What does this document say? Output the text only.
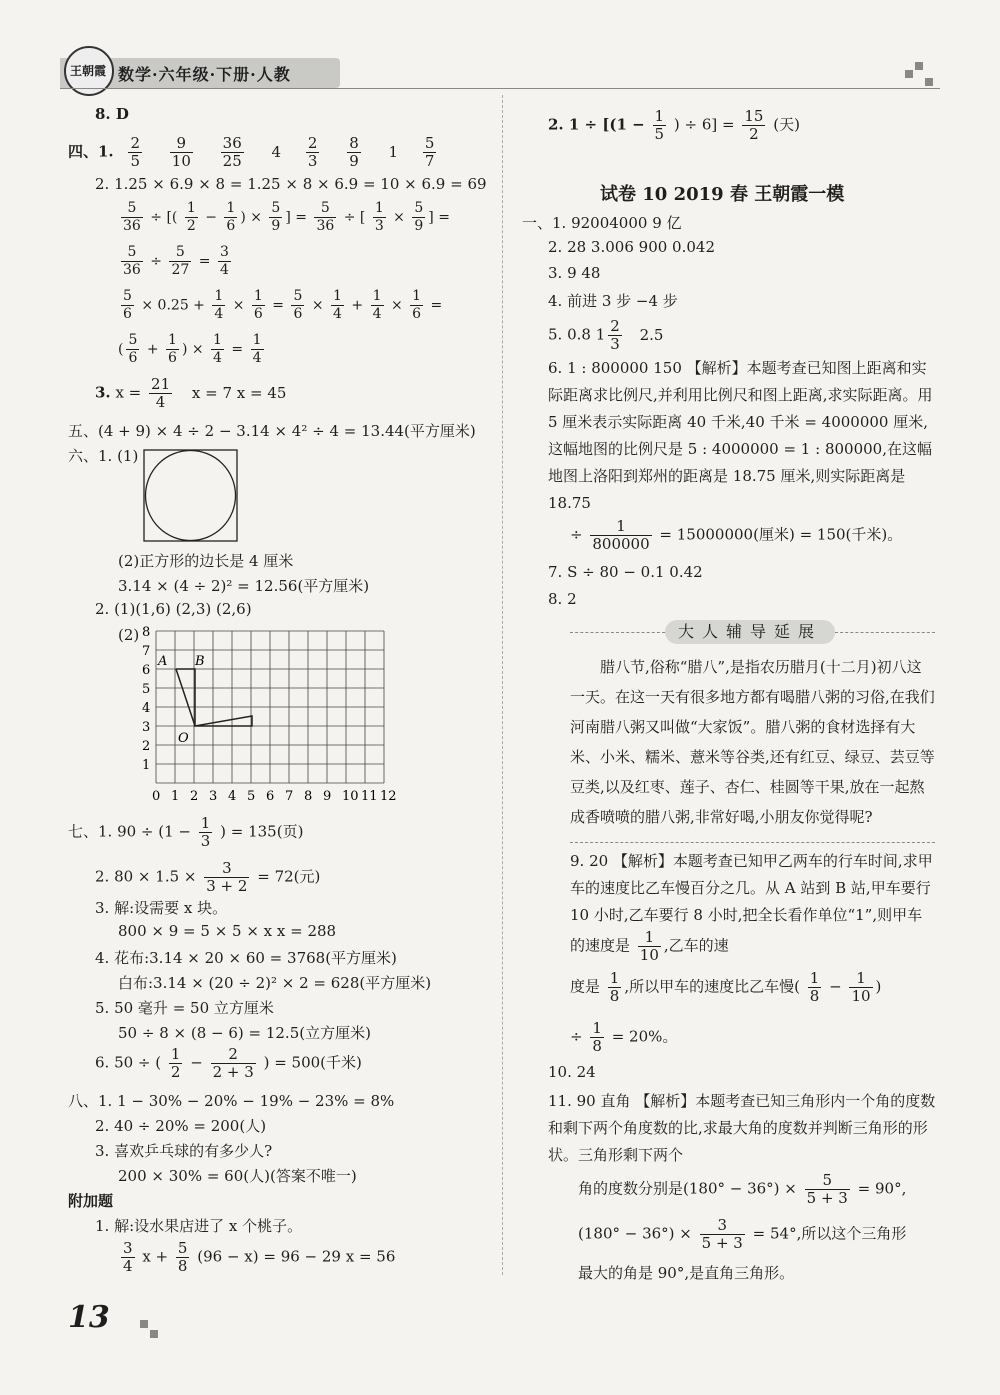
王朝霞 数学·六年级·下册·人教
8. D
四、1. $\frac{2}{5}$
$\frac{9}{10}$
$\frac{36}{25} 4 \frac{2}{3}$
$\frac{8}{9} 1 \frac{5}{7}$
2. 1.25 × 6.9 × 8 = 1.25 × 8 × 6.9 = 10 × 6.9 = 69
$\frac{5}{36}$ ÷ [( $\frac{1}{2} - \frac{1}{6}$ ) × $\frac{5}{9}$ ] = $\frac{5}{36}$ ÷ [ $\frac{1}{3} \times \frac{5}{9}$ ] =
$\frac{5}{36} \div \frac{5}{27} = \frac{3}{4}$
$\frac{5}{6} \times 0.25 + \frac{1}{4} \times \frac{1}{6} = \frac{5}{6} \times \frac{1}{4} + \frac{1}{4} \times \frac{1}{6}$ =
( $\frac{5}{6} + \frac{1}{6}$ ) × $\frac{1}{4} = \frac{1}{4}$
3. $x = \frac{21}{4}$ x = 7 x = 45
五、(4 + 9) × 4 ÷ 2 − 3.14 × 4² ÷ 4 = 13.44(平方厘米)
六、1. (1)
(2)正方形的边长是 4 厘米
3.14 × (4 ÷ 2)² = 12.56(平方厘米)
2. (1)(1,6) (2,3) (2,6)
(2)
A B
O
0 1 2 3 4 5 6 7 8 9 10 11 12
1
2
3
4
5
6
7
8
七、1. $90 \div (1 - \frac{1}{3}$ ) = 135(页)
2. $80 \times 1.5 \times \frac{3}{3 + 2} = 72$(元)
3. 解:设需要 x 块。
800 × 9 = 5 × 5 × x x = 288
4. 花布:3.14 × 20 × 60 = 3768(平方厘米)
白布:3.14 × (20 ÷ 2)² × 2 = 628(平方厘米)
5. 50 毫升 = 50 立方厘米
50 ÷ 8 × (8 − 6) = 12.5(立方厘米)
6. 50 ÷ ( $\frac{1}{2} - \frac{2}{2 + 3}$ ) = 500(千米)
八、1. 1 − 30% − 20% − 19% − 23% = 8%
2. 40 ÷ 20% = 200(人)
3. 喜欢乒乓球的有多少人?
200 × 30% = 60(人)(答案不唯一)
附加题
1. 解:设水果店进了 x 个桃子。
$\frac{3}{4}$ $x + \frac{5}{8} (96 - x) = 96 - 29$ x = 56
13
2. $1 \div [(1 - \frac{1}{5}$ ) ÷ $6] = \frac{15}{2}$ (天)
试卷 10 2019 春 王朝霞一模
一、1. 92004000 9 亿
2. 28 3.006 900 0.042
3. 9 48
4. 前进 3 步 −4 步
5. 0.8 $1 \frac{2}{3} 2.5$
6. 1 : 800000 150 【解析】本题考查已知图上距离和实际距离求比例尺,并利用比例尺和图上距离,求实际距离。用 5 厘米表示实际距离 40 千米,40 千米 = 4000000 厘米,这幅地图的比例尺是 5 : 4000000 = 1 : 800000,在这幅地图上洛阳到郑州的距离是 18.75 厘米,则实际距离是 18.75
÷ $\frac{1}{800000} = 15000000$(厘米) = 150(千米)。
7. S ÷ 80 − 0.1 0.42
8. 2
大人辅导延展
腊八节,俗称“腊八”,是指农历腊月(十二月)初八这一天。在这一天有很多地方都有喝腊八粥的习俗,在我们河南腊八粥又叫做“大家饭”。腊八粥的食材选择有大米、小米、糯米、薏米等谷类,还有红豆、绿豆、芸豆等豆类,以及红枣、莲子、杏仁、桂圆等干果,放在一起熬成香喷喷的腊八粥,非常好喝,小朋友你觉得呢?
9. 20 【解析】本题考查已知甲乙两车的行车时间,求甲车的速度比乙车慢百分之几。从 A 站到 B 站,甲车要行 10 小时,乙车要行 8 小时,把全长看作单位“1”,则甲车的速度是 $\frac{1}{10}$ ,乙车的速
度是 $\frac{1}{8}$ ,所以甲车的速度比乙车慢( $\frac{1}{8} - \frac{1}{10}$ )
÷ $\frac{1}{8} = 20\%$。
10. 24
11. 90 直角 【解析】本题考查已知三角形内一个角的度数和剩下两个角度数的比,求最大角的度数并判断三角形的形状。三角形剩下两个
角的度数分别是$(180^\circ - 36^\circ) \times \frac{5}{5 + 3} = 90^\circ$,
$(180^\circ - 36^\circ) \times \frac{3}{5 + 3} = 54^\circ$,所以这个三角形
最大的角是 90°,是直角三角形。
